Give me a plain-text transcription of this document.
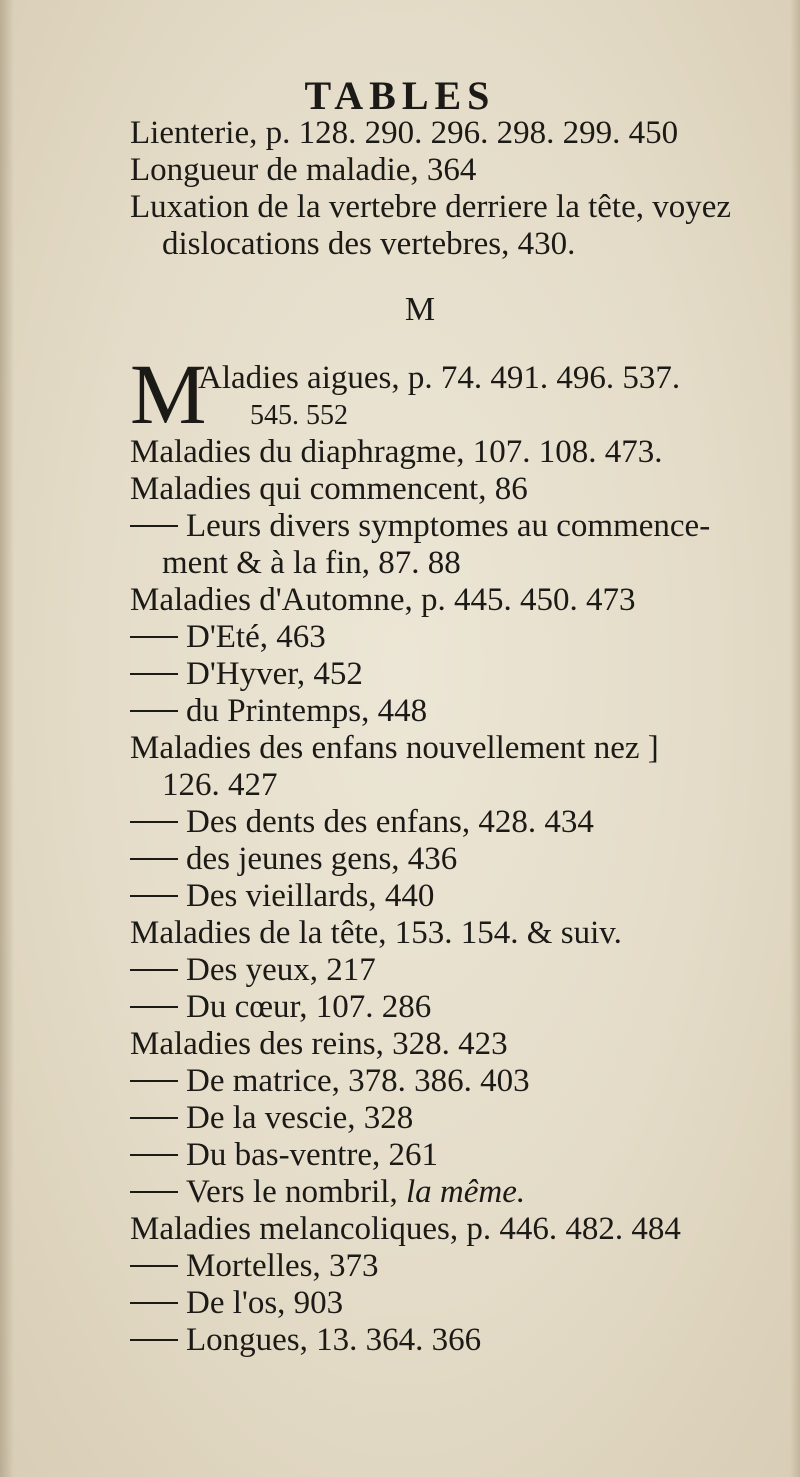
TABLES
Lienterie, p. 128. 290. 296. 298. 299. 450
Longueur de maladie, 364
Luxation de la vertebre derriere la tête, voyez
dislocations des vertebres, 430.
M
M
Aladies aigues, p. 74. 491. 496. 537.
545. 552
Maladies du diaphragme, 107. 108. 473.
Maladies qui commencent, 86
Leurs divers symptomes au commence-
ment & à la fin, 87. 88
Maladies d'Automne, p. 445. 450. 473
D'Eté, 463
D'Hyver, 452
du Printemps, 448
Maladies des enfans nouvellement nez ]
126. 427
Des dents des enfans, 428. 434
des jeunes gens, 436
Des vieillards, 440
Maladies de la tête, 153. 154. & suiv.
Des yeux, 217
Du cœur, 107. 286
Maladies des reins, 328. 423
De matrice, 378. 386. 403
De la vescie, 328
Du bas-ventre, 261
Vers le nombril, la même.
Maladies melancoliques, p. 446. 482. 484
Mortelles, 373
De l'os, 903
Longues, 13. 364. 366
